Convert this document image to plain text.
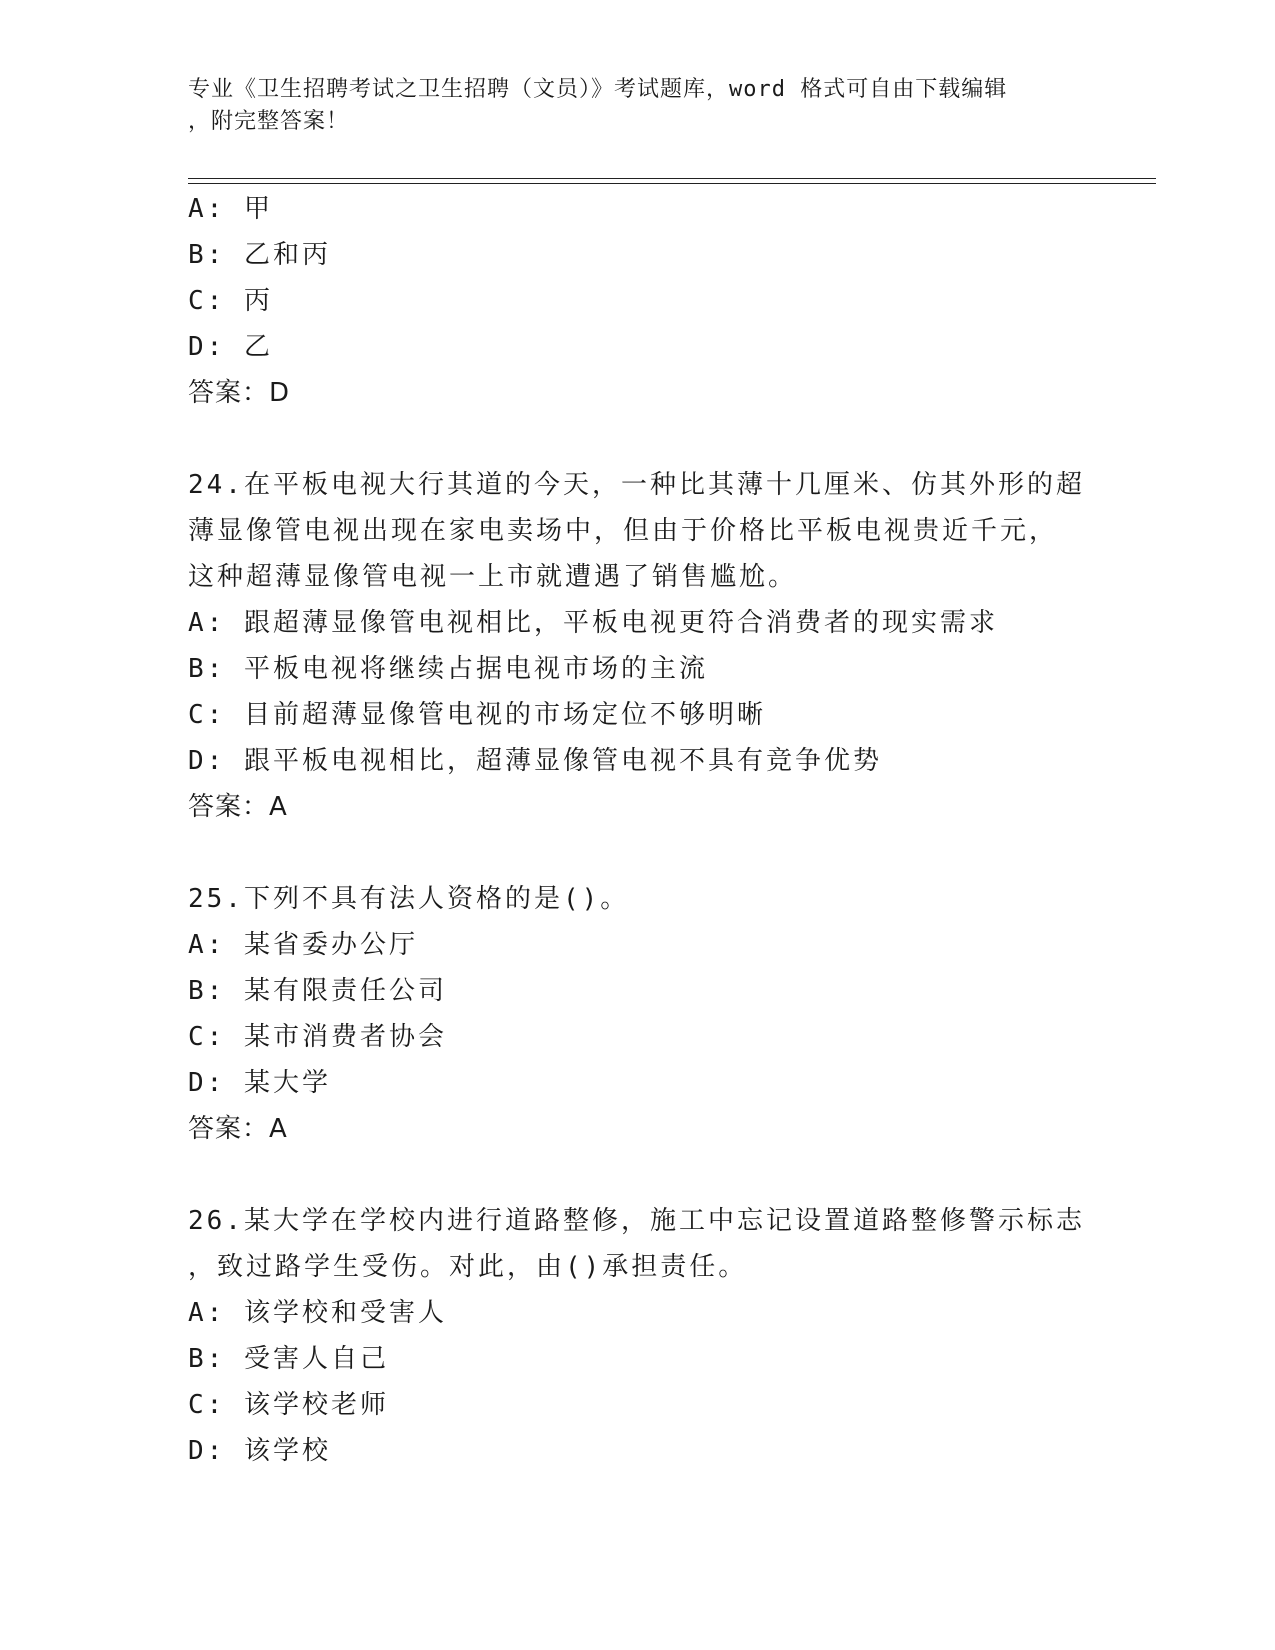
专业《卫生招聘考试之卫生招聘（文员）》考试题库，word 格式可自由下载编辑

，附完整答案！

A: 甲
B: 乙和丙
C: 丙
D: 乙
答案：D
24.在平板电视大行其道的今天，一种比其薄十几厘米、仿其外形的超
薄显像管电视出现在家电卖场中，但由于价格比平板电视贵近千元，
这种超薄显像管电视一上市就遭遇了销售尴尬。
A: 跟超薄显像管电视相比，平板电视更符合消费者的现实需求
B: 平板电视将继续占据电视市场的主流
C: 目前超薄显像管电视的市场定位不够明晰
D: 跟平板电视相比，超薄显像管电视不具有竞争优势
答案：A
25.下列不具有法人资格的是()。
A: 某省委办公厅
B: 某有限责任公司
C: 某市消费者协会
D: 某大学
答案：A
26.某大学在学校内进行道路整修，施工中忘记设置道路整修警示标志
，致过路学生受伤。对此，由()承担责任。
A: 该学校和受害人
B: 受害人自己
C: 该学校老师
D: 该学校
